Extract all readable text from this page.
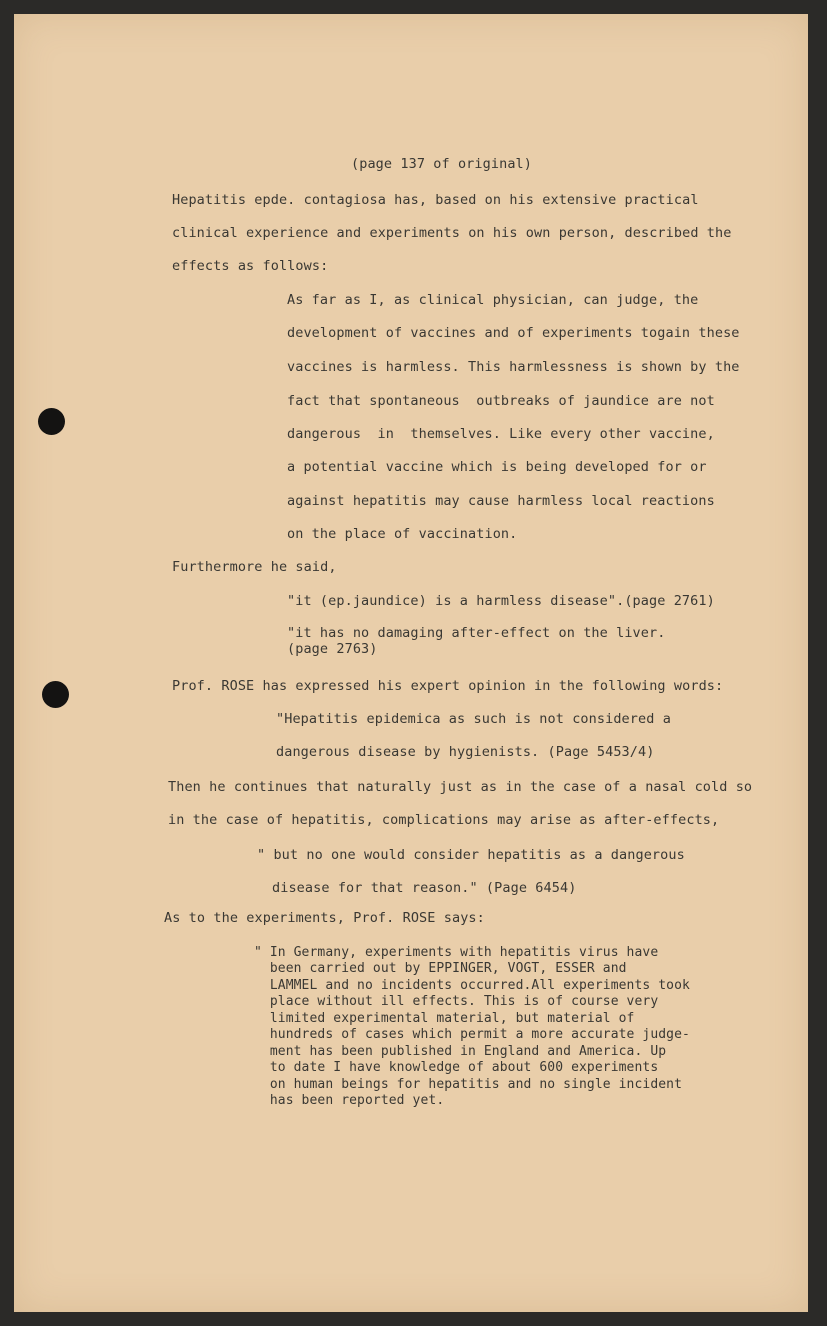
(page 137 of original)

Hepatitis epde. contagiosa has, based on his extensive practical

clinical experience and experiments on his own person, described the

effects as follows:

As far as I, as clinical physician, can judge, the

development of vaccines and of experiments togain these

vaccines is harmless. This harmlessness is shown by the

fact that spontaneous  outbreaks of jaundice are not

dangerous  in  themselves. Like every other vaccine,

a potential vaccine which is being developed for or

against hepatitis may cause harmless local reactions

on the place of vaccination.

Furthermore he said,

"it (ep.jaundice) is a harmless disease".(page 2761)

"it has no damaging after-effect on the liver.

(page 2763)

Prof. ROSE has expressed his expert opinion in the following words:

"Hepatitis epidemica as such is not considered a

dangerous disease by hygienists. (Page 5453/4)

Then he continues that naturally just as in the case of a nasal cold so

in the case of hepatitis, complications may arise as after-effects,

" but no one would consider hepatitis as a dangerous

disease for that reason." (Page 6454)

As to the experiments, Prof. ROSE says:

" In Germany, experiments with hepatitis virus have

been carried out by EPPINGER, VOGT, ESSER and

LAMMEL and no incidents occurred.All experiments took

place without ill effects. This is of course very

limited experimental material, but material of

hundreds of cases which permit a more accurate judge-

ment has been published in England and America. Up

to date I have knowledge of about 600 experiments

on human beings for hepatitis and no single incident

has been reported yet.
